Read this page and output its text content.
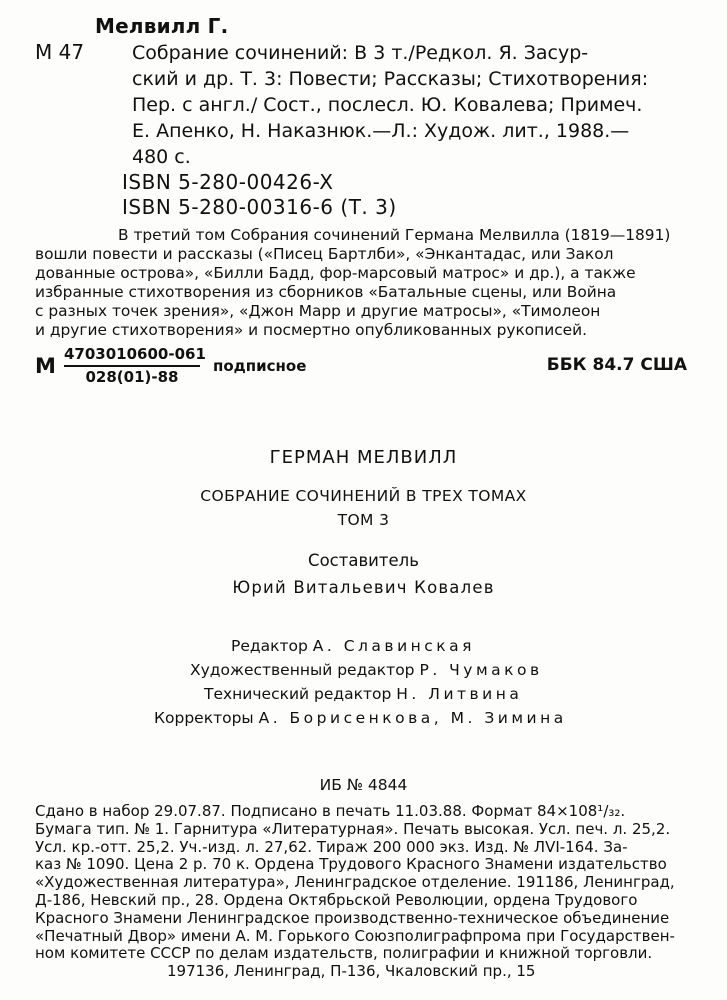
Мелвилл Г.
М 47	Собрание сочинений: В 3 т./Редкол. Я. Засур-
ский и др. Т. 3: Повести; Рассказы; Стихотворения:
Пер. с англ./ Сост., послесл. Ю. Ковалева; Примеч.
Е. Апенко, Н. Наказнюк.—Л.: Худож. лит., 1988.—
480 с.
ISBN 5-280-00426-X
ISBN 5-280-00316-6 (Т. 3)
В третий том Собрания сочинений Германа Мелвилла (1819—1891)
вошли повести и рассказы («Писец Бартлби», «Энкантадас, или Закол
дованные острова», «Билли Бадд, фор-марсовый матрос» и др.), а также
избранные стихотворения из сборников «Батальные сцены, или Война
с разных точек зрения», «Джон Марр и другие матросы», «Тимолеон
и другие стихотворения» и посмертно опубликованных рукописей.
М $\frac{4703010600-061}{028(01)-88}$ подписное	ББК 84.7 США
ГЕРМАН МЕЛВИЛЛ
СОБРАНИЕ СОЧИНЕНИЙ В ТРЕХ ТОМАХ
ТОМ 3
Составитель
Юрий Витальевич Ковалев
Редактор А. Славинская
Художественный редактор Р. Чумаков
Технический редактор Н. Литвина
Корректоры А. Борисенкова, М. Зимина
ИБ № 4844
Сдано в набор 29.07.87. Подписано в печать 11.03.88. Формат 84×108¹/₃₂.
Бумага тип. № 1. Гарнитура «Литературная». Печать высокая. Усл. печ. л. 25,2.
Усл. кр.-отт. 25,2. Уч.-изд. л. 27,62. Тираж 200 000 экз. Изд. № ЛVI-164. За-
каз № 1090. Цена 2 р. 70 к. Ордена Трудового Красного Знамени издательство
«Художественная литература», Ленинградское отделение. 191186, Ленинград,
Д-186, Невский пр., 28. Ордена Октябрьской Революции, ордена Трудового
Красного Знамени Ленинградское производственно-техническое объединение
«Печатный Двор» имени А. М. Горького Союзполиграфпрома при Государствен-
ном комитете СССР по делам издательств, полиграфии и книжной торговли.
197136, Ленинград, П-136, Чкаловский пр., 15
